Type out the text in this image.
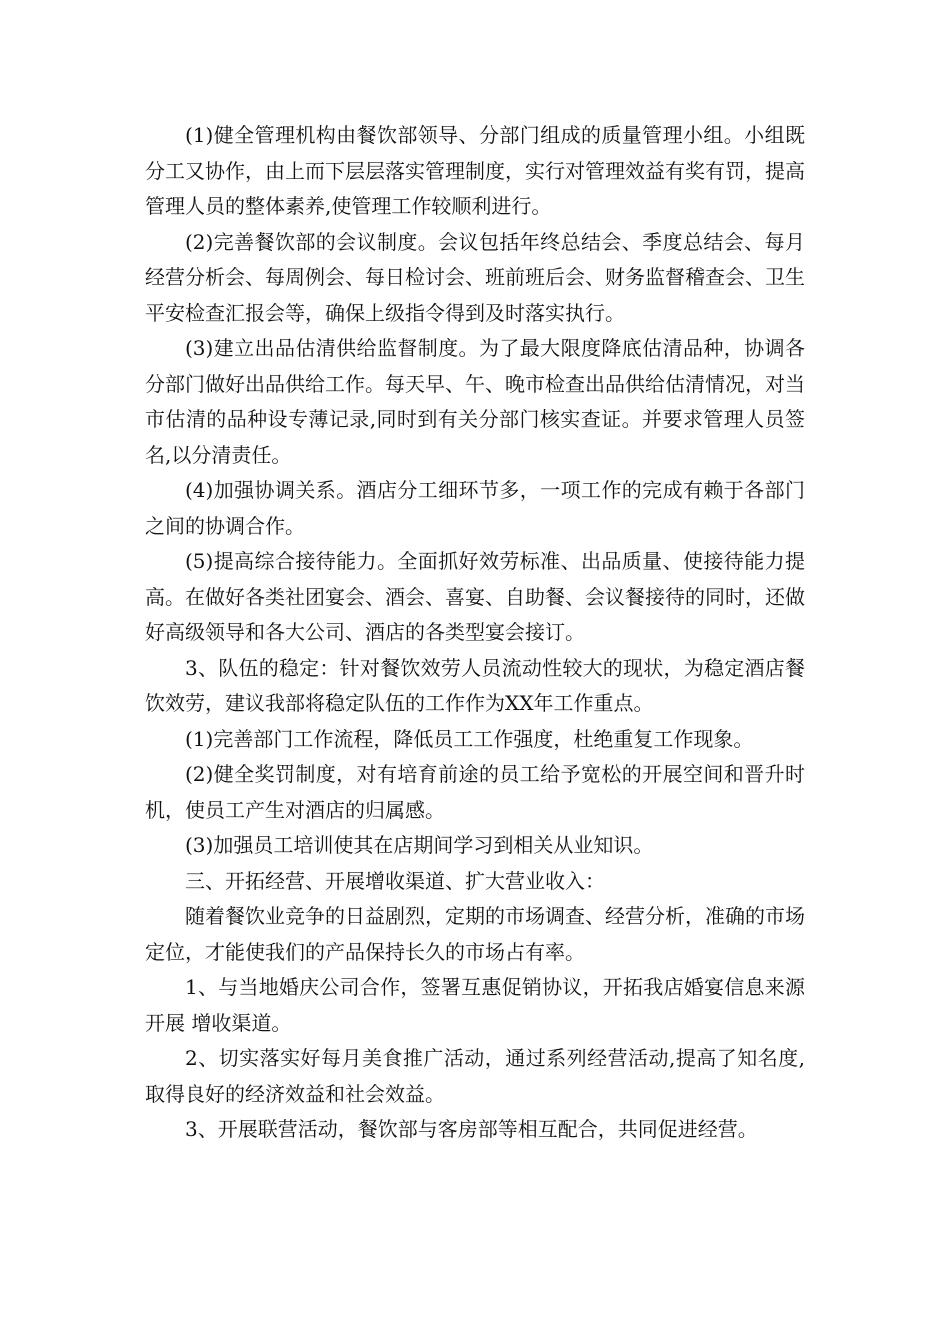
(1)健全管理机构由餐饮部领导、分部门组成的质量管理小组。小组既分工又协作，由上而下层层落实管理制度，实行对管理效益有奖有罚，提高管理人员的整体素养,使管理工作较顺利进行。

(2)完善餐饮部的会议制度。会议包括年终总结会、季度总结会、每月经营分析会、每周例会、每日检讨会、班前班后会、财务监督稽查会、卫生平安检查汇报会等，确保上级指令得到及时落实执行。

(3)建立出品估清供给监督制度。为了最大限度降底估清品种，协调各分部门做好出品供给工作。每天早、午、晚市检查出品供给估清情况，对当市估清的品种设专薄记录,同时到有关分部门核实查证。并要求管理人员签名,以分清责任。

(4)加强协调关系。酒店分工细环节多，一项工作的完成有赖于各部门之间的协调合作。

(5)提高综合接待能力。全面抓好效劳标准、出品质量、使接待能力提高。在做好各类社团宴会、酒会、喜宴、自助餐、会议餐接待的同时，还做好高级领导和各大公司、酒店的各类型宴会接订。

3、队伍的稳定：针对餐饮效劳人员流动性较大的现状，为稳定酒店餐饮效劳，建议我部将稳定队伍的工作作为XX年工作重点。

(1)完善部门工作流程，降低员工工作强度，杜绝重复工作现象。

(2)健全奖罚制度，对有培育前途的员工给予宽松的开展空间和晋升时机，使员工产生对酒店的归属感。

(3)加强员工培训使其在店期间学习到相关从业知识。

三、开拓经营、开展增收渠道、扩大营业收入：

随着餐饮业竞争的日益剧烈，定期的市场调查、经营分析，准确的市场定位，才能使我们的产品保持长久的市场占有率。

1、与当地婚庆公司合作，签署互惠促销协议，开拓我店婚宴信息来源开展 增收渠道。

2、切实落实好每月美食推广活动，通过系列经营活动,提高了知名度,取得良好的经济效益和社会效益。

3、开展联营活动，餐饮部与客房部等相互配合，共同促进经营。
